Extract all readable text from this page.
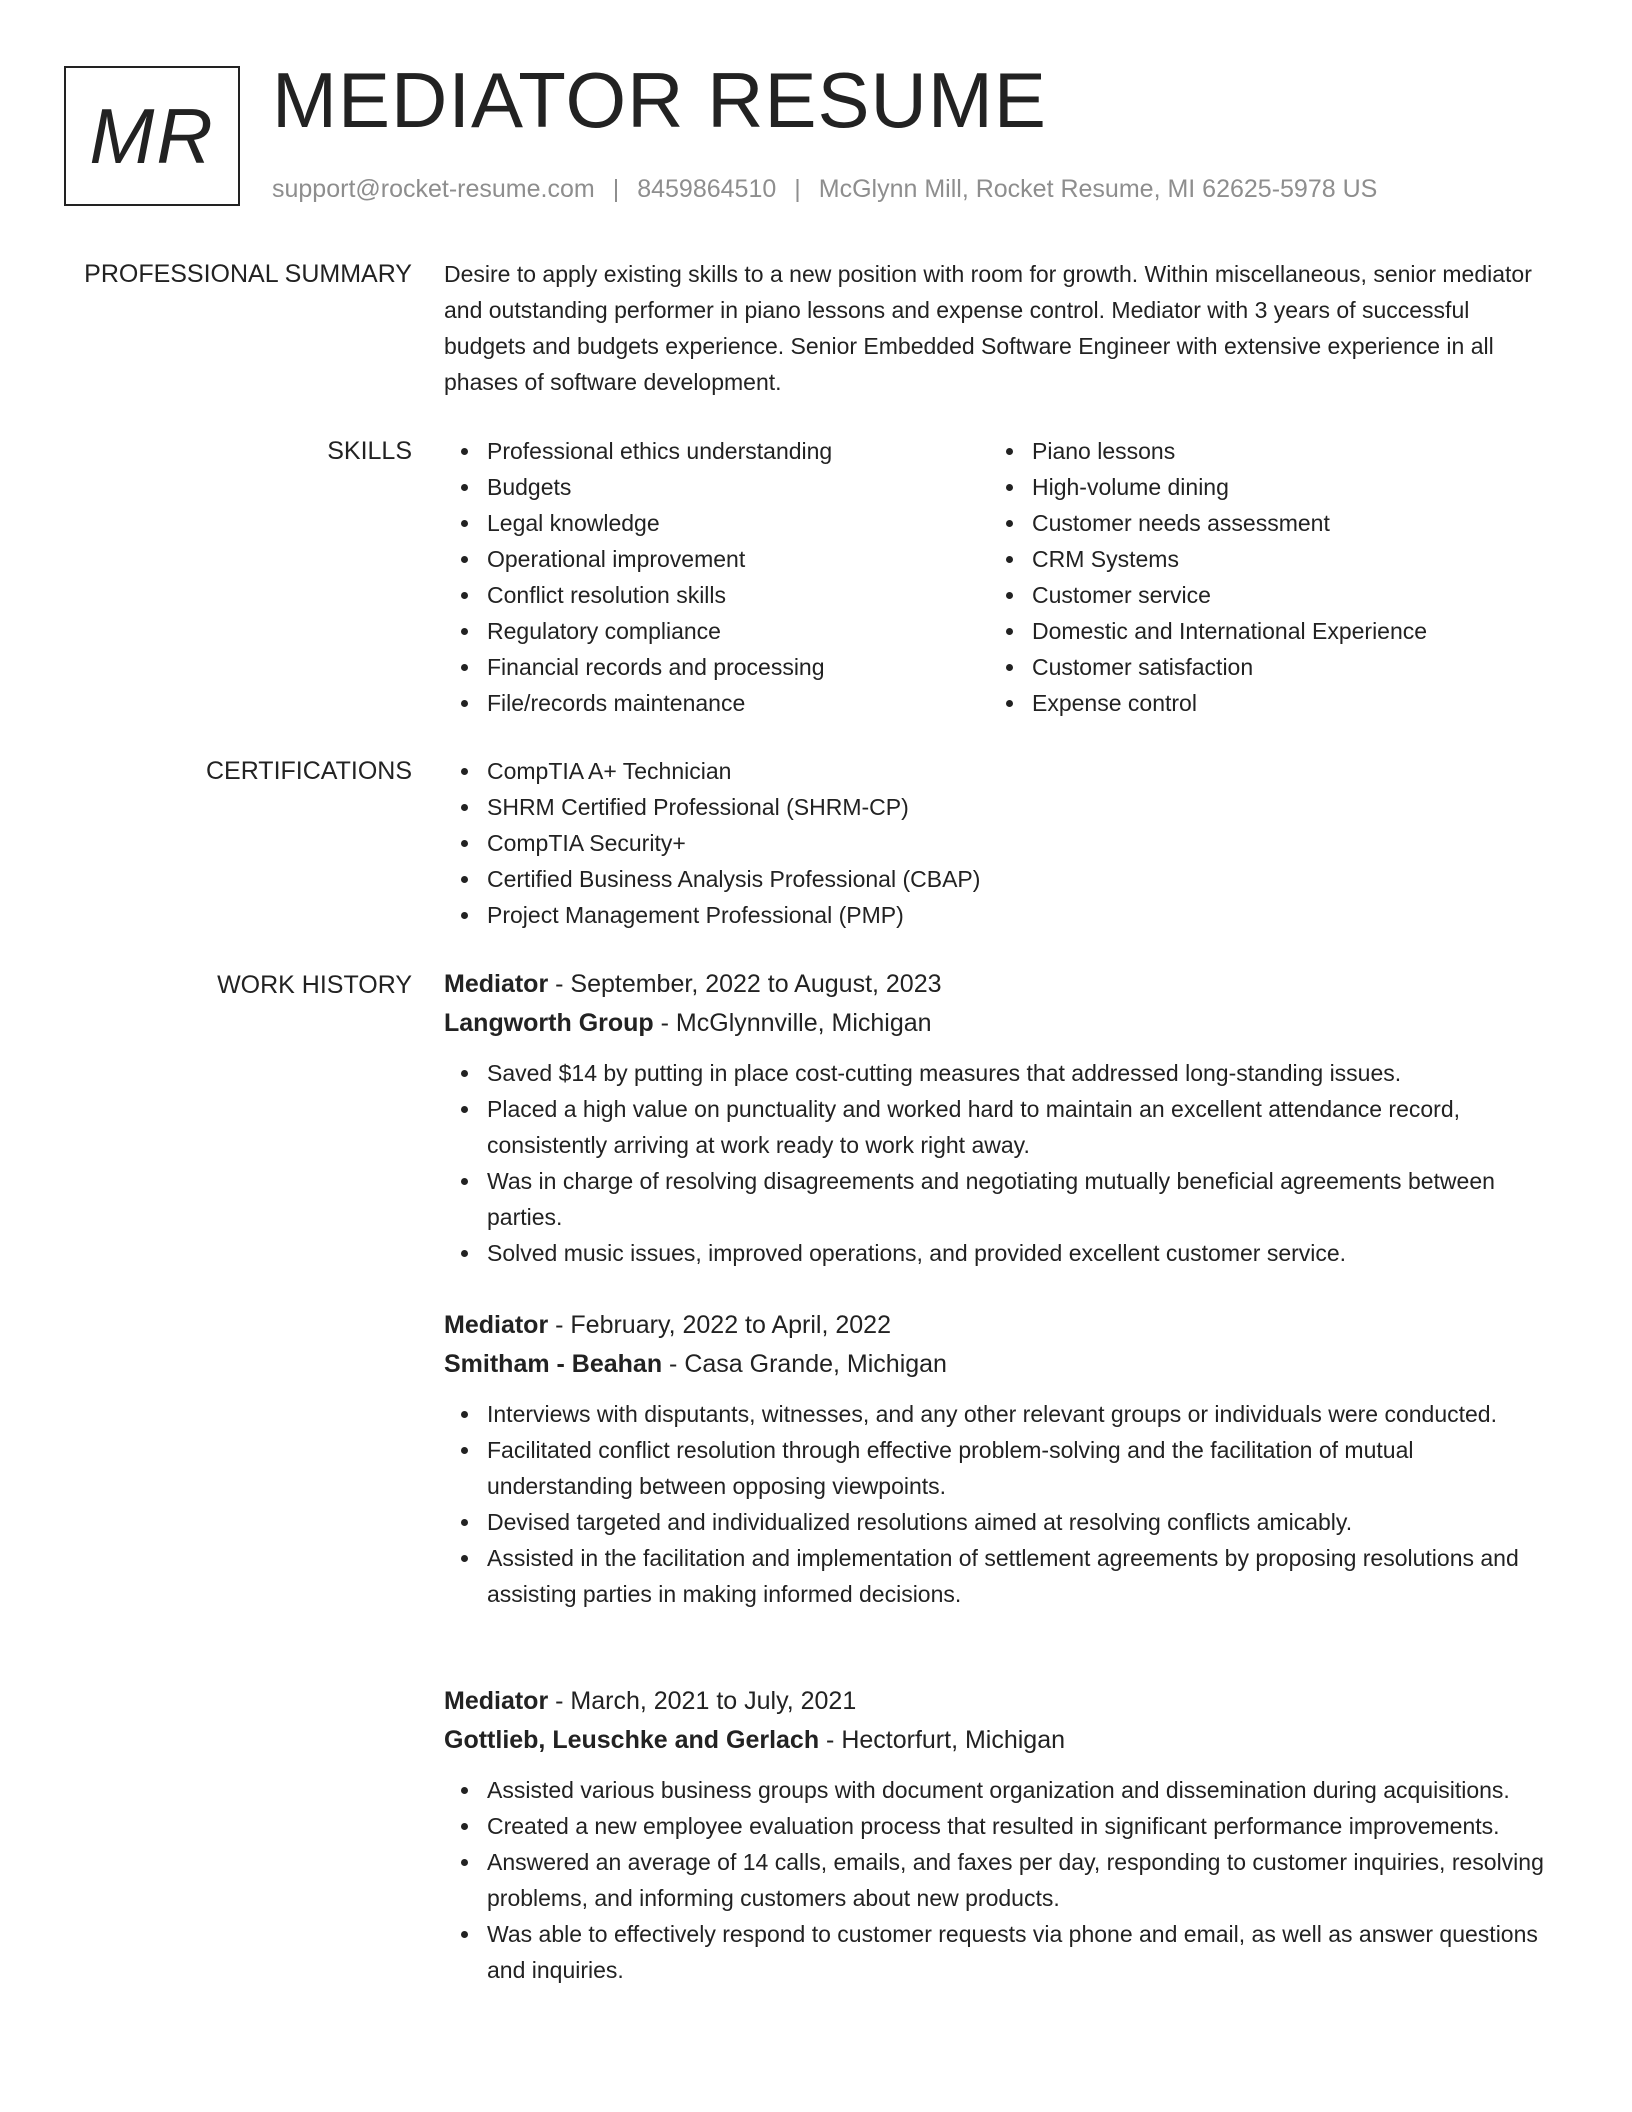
MR MEDIATOR RESUME
support@rocket-resume.com | 8459864510 | McGlynn Mill, Rocket Resume, MI 62625-5978 US
PROFESSIONAL SUMMARY Desire to apply existing skills to a new position with room for growth. Within miscellaneous, senior mediator and outstanding performer in piano lessons and expense control. Mediator with 3 years of successful budgets and budgets experience. Senior Embedded Software Engineer with extensive experience in all phases of software development.

SKILLS	Professional ethics understanding
Budgets
Legal knowledge
Operational improvement
Conflict resolution skills
Regulatory compliance
Financial records and processing
File/records maintenance
Piano lessons
High-volume dining
Customer needs assessment
CRM Systems
Customer service
Domestic and International Experience
Customer satisfaction
Expense control
CERTIFICATIONS	CompTIA A+ Technician
SHRM Certified Professional (SHRM-CP)
CompTIA Security+
Certified Business Analysis Professional (CBAP)
Project Management Professional (PMP)
WORK HISTORY Mediator - September, 2022 to August, 2023
Langworth Group - McGlynnville, Michigan
Saved $14 by putting in place cost-cutting measures that addressed long-standing issues.
Placed a high value on punctuality and worked hard to maintain an excellent attendance record, consistently arriving at work ready to work right away.
Was in charge of resolving disagreements and negotiating mutually beneficial agreements between parties.
Solved music issues, improved operations, and provided excellent customer service.
Mediator - February, 2022 to April, 2022
Smitham - Beahan - Casa Grande, Michigan
Interviews with disputants, witnesses, and any other relevant groups or individuals were conducted.
Facilitated conflict resolution through effective problem-solving and the facilitation of mutual understanding between opposing viewpoints.
Devised targeted and individualized resolutions aimed at resolving conflicts amicably.
Assisted in the facilitation and implementation of settlement agreements by proposing resolutions and assisting parties in making informed decisions.
Mediator - March, 2021 to July, 2021
Gottlieb, Leuschke and Gerlach - Hectorfurt, Michigan
Assisted various business groups with document organization and dissemination during acquisitions.
Created a new employee evaluation process that resulted in significant performance improvements.
Answered an average of 14 calls, emails, and faxes per day, responding to customer inquiries, resolving problems, and informing customers about new products.
Was able to effectively respond to customer requests via phone and email, as well as answer questions and inquiries.
